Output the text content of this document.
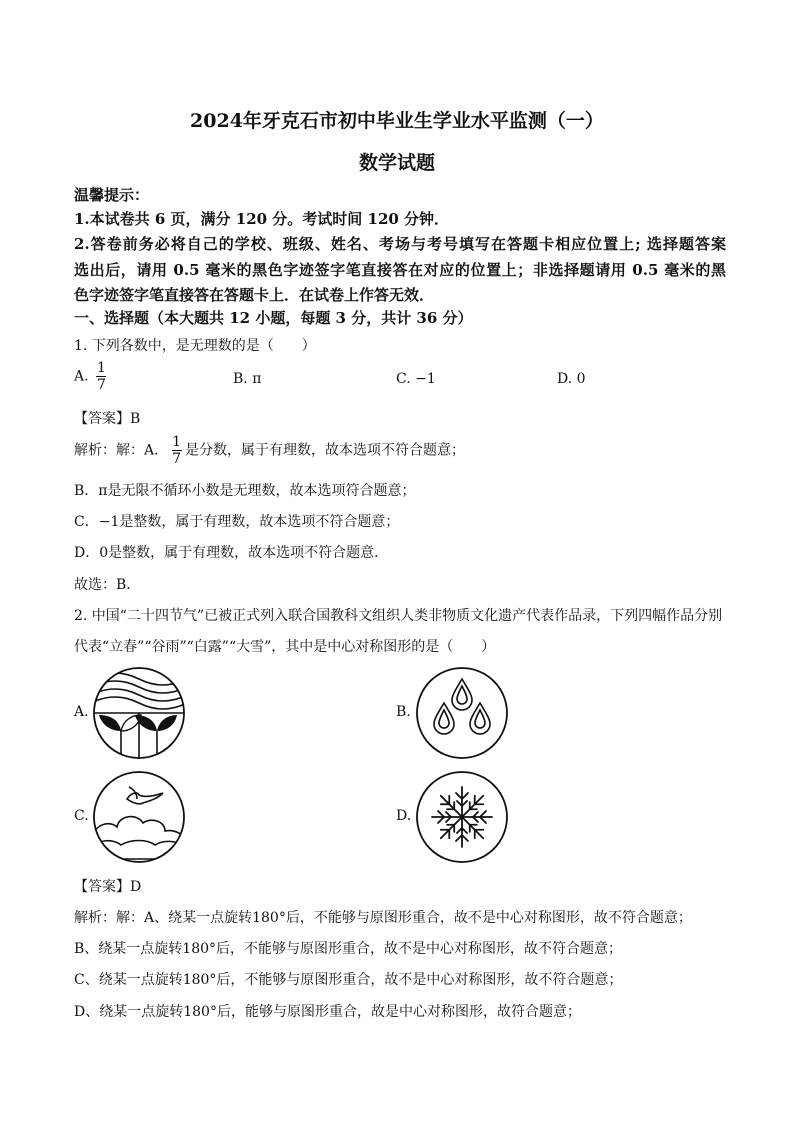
2024年牙克石市初中毕业生学业水平监测（一）
数学试题
温馨提示：
1.本试卷共 6 页，满分 120 分。考试时间 120 分钟．
2.答卷前务必将自己的学校、班级、姓名、考场与考号填写在答题卡相应位置上; 选择题答案
选出后，请用 0.5 毫米的黑色字迹签字笔直接答在对应的位置上；非选择题请用 0.5 毫米的黑
色字迹签字笔直接答在答题卡上．在试卷上作答无效．
一、选择题（本大题共 12 小题，每题 3 分，共计 36 分）
1. 下列各数中，是无理数的是（　　）
A. $\frac{1}{7}$	B. π	C. −1	D. 0
【答案】B
解析：解：A． $\frac{1}{7}$ 是分数，属于有理数，故本选项不符合题意；
B．π是无限不循环小数是无理数，故本选项符合题意；
C．−1是整数，属于有理数，故本选项不符合题意；
D．0是整数，属于有理数，故本选项不符合题意．
故选：B．
2. 中国“二十四节气”已被正式列入联合国教科文组织人类非物质文化遗产代表作品录，下列四幅作品分别
代表“立春”“谷雨”“白露”“大雪”，其中是中心对称图形的是（　　）
A.	B.
C.	D.
【答案】D
解析：解：A、绕某一点旋转180°后，不能够与原图形重合，故不是中心对称图形，故不符合题意；
B、绕某一点旋转180°后，不能够与原图形重合，故不是中心对称图形，故不符合题意；
C、绕某一点旋转180°后，不能够与原图形重合，故不是中心对称图形，故不符合题意；
D、绕某一点旋转180°后，能够与原图形重合，故是中心对称图形，故符合题意；
